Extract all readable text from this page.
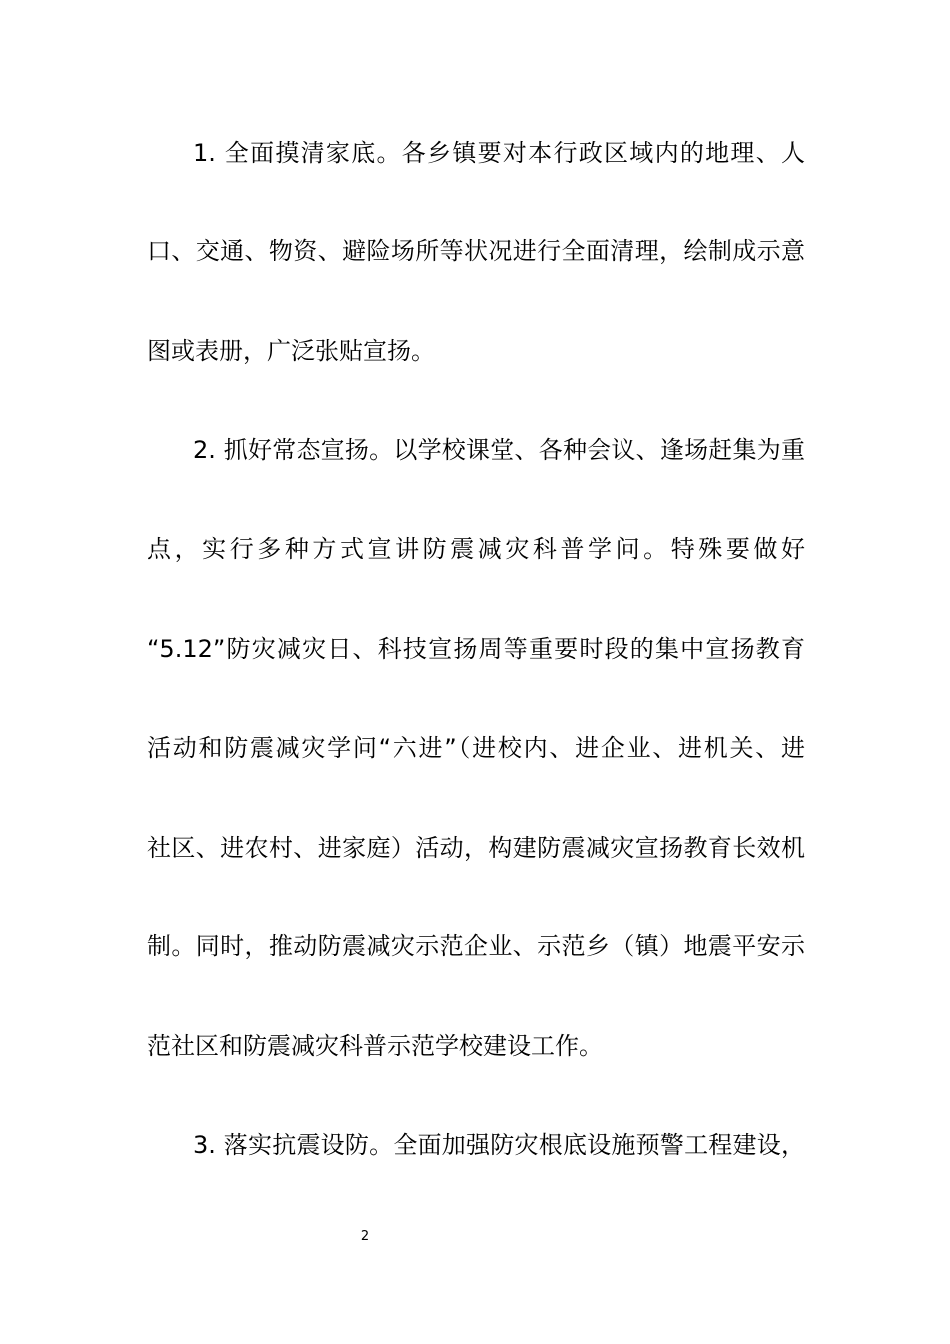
1. 全面摸清家底。各乡镇要对本行政区域内的地理、人
口、交通、物资、避险场所等状况进行全面清理，绘制成示意
图或表册，广泛张贴宣扬。
2. 抓好常态宣扬。以学校课堂、各种会议、逢场赶集为重
点，实行多种方式宣讲防震减灾科普学问。特殊要做好
“5.12”防灾减灾日、科技宣扬周等重要时段的集中宣扬教育
活动和防震减灾学问“六进”（进校内、进企业、进机关、进
社区、进农村、进家庭）活动，构建防震减灾宣扬教育长效机
制。同时，推动防震减灾示范企业、示范乡（镇）地震平安示
范社区和防震减灾科普示范学校建设工作。
3. 落实抗震设防。全面加强防灾根底设施预警工程建设，
2
